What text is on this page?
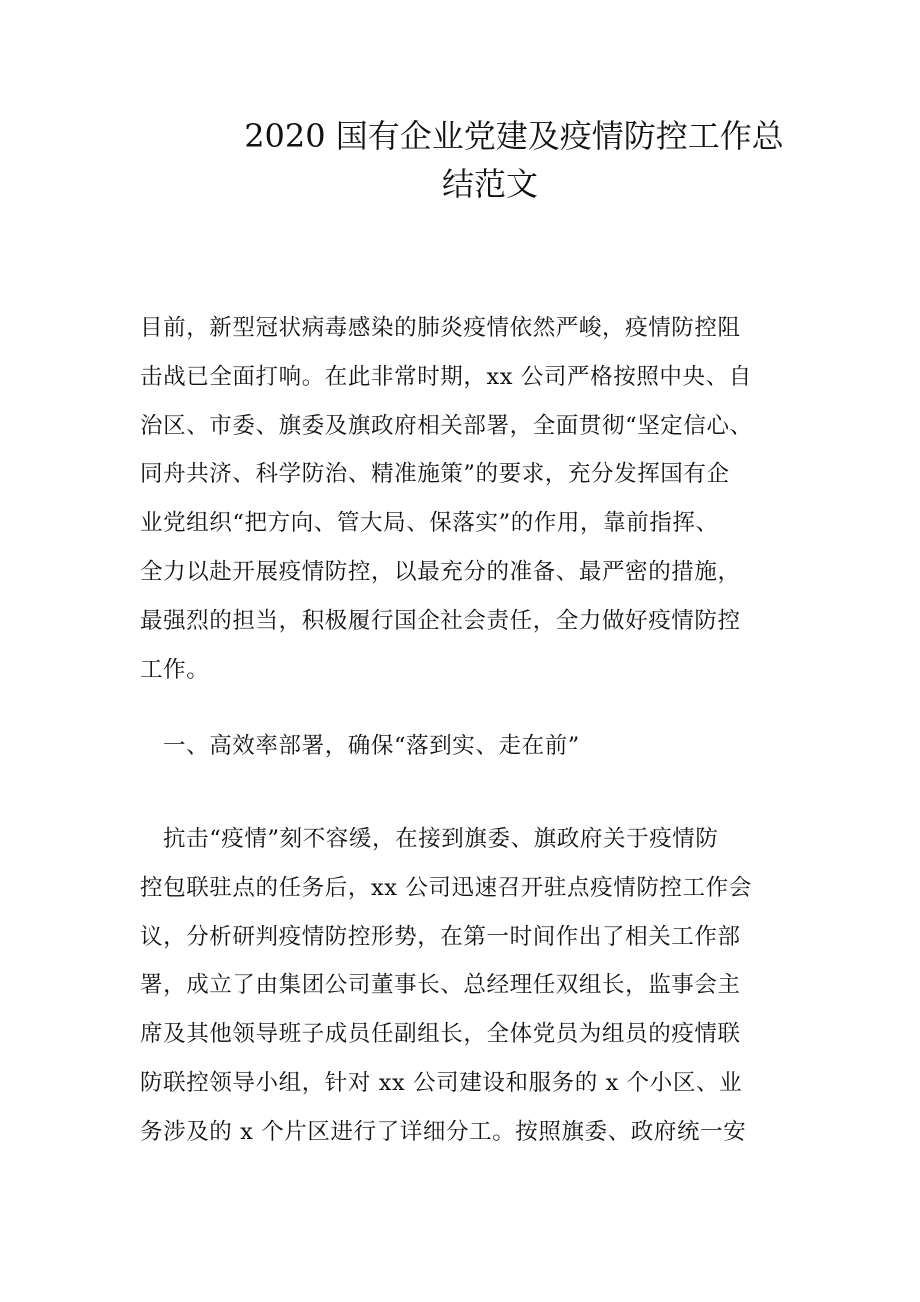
2020 国有企业党建及疫情防控工作总
结范文
目前，新型冠状病毒感染的肺炎疫情依然严峻，疫情防控阻
击战已全面打响。在此非常时期，xx 公司严格按照中央、自
治区、市委、旗委及旗政府相关部署，全面贯彻“坚定信心、
同舟共济、科学防治、精准施策”的要求，充分发挥国有企
业党组织“把方向、管大局、保落实”的作用，靠前指挥、
全力以赴开展疫情防控，以最充分的准备、最严密的措施，
最强烈的担当，积极履行国企社会责任，全力做好疫情防控
工作。
一、高效率部署，确保“落到实、走在前”
抗击“疫情”刻不容缓，在接到旗委、旗政府关于疫情防
控包联驻点的任务后，xx 公司迅速召开驻点疫情防控工作会
议，分析研判疫情防控形势，在第一时间作出了相关工作部
署，成立了由集团公司董事长、总经理任双组长，监事会主
席及其他领导班子成员任副组长，全体党员为组员的疫情联
防联控领导小组，针对 xx 公司建设和服务的 x 个小区、业
务涉及的 x 个片区进行了详细分工。按照旗委、政府统一安
